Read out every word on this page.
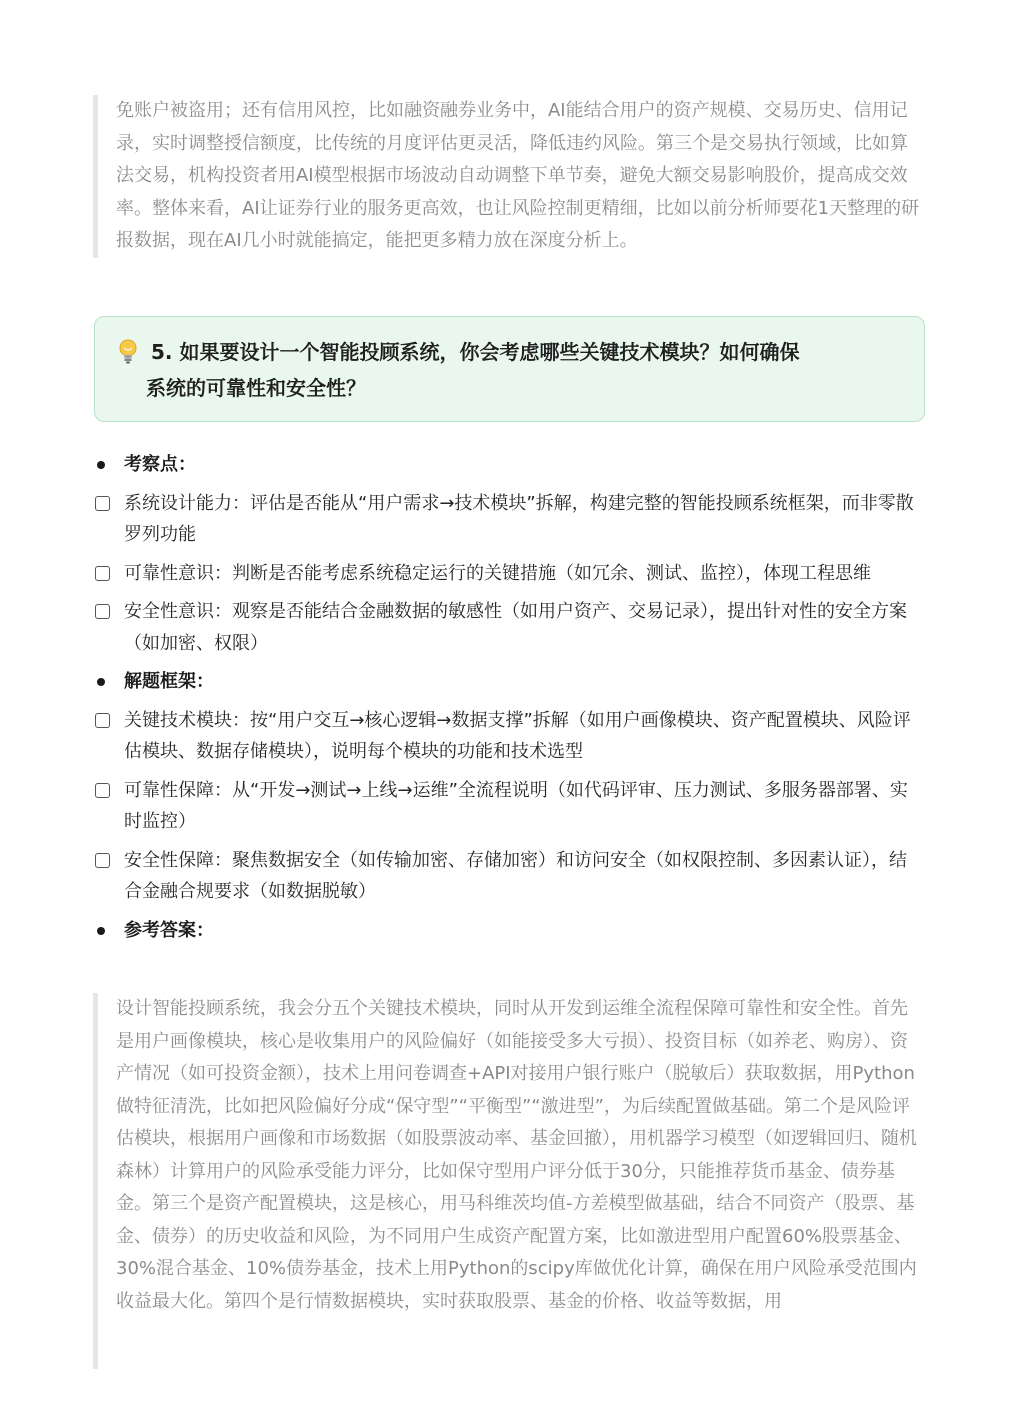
免账户被盗用；还有信用风控，比如融资融券业务中，AI能结合用户的资产规模、交易历史、信用记录，实时调整授信额度，比传统的月度评估更灵活，降低违约风险。第三个是交易执行领域，比如算法交易，机构投资者用AI模型根据市场波动自动调整下单节奏，避免大额交易影响股价，提高成交效率。整体来看，AI让证券行业的服务更高效，也让风险控制更精细，比如以前分析师要花1天整理的研报数据，现在AI几小时就能搞定，能把更多精力放在深度分析上。

5. 如果要设计一个智能投顾系统，你会考虑哪些关键技术模块？如何确保
系统的可靠性和安全性？
考察点：
系统设计能力：评估是否能从“用户需求→技术模块”拆解，构建完整的智能投顾系统框架，而非零散罗列功能
可靠性意识：判断是否能考虑系统稳定运行的关键措施（如冗余、测试、监控），体现工程思维
安全性意识：观察是否能结合金融数据的敏感性（如用户资产、交易记录），提出针对性的安全方案（如加密、权限）
解题框架：
关键技术模块：按“用户交互→核心逻辑→数据支撑”拆解（如用户画像模块、资产配置模块、风险评估模块、数据存储模块），说明每个模块的功能和技术选型
可靠性保障：从“开发→测试→上线→运维”全流程说明（如代码评审、压力测试、多服务器部署、实时监控）
安全性保障：聚焦数据安全（如传输加密、存储加密）和访问安全（如权限控制、多因素认证），结合金融合规要求（如数据脱敏）
参考答案：

设计智能投顾系统，我会分五个关键技术模块，同时从开发到运维全流程保障可靠性和安全性。首先是用户画像模块，核心是收集用户的风险偏好（如能接受多大亏损）、投资目标（如养老、购房）、资产情况（如可投资金额），技术上用问卷调查+API对接用户银行账户（脱敏后）获取数据，用Python做特征清洗，比如把风险偏好分成“保守型”“平衡型”“激进型”，为后续配置做基础。第二个是风险评估模块，根据用户画像和市场数据（如股票波动率、基金回撤），用机器学习模型（如逻辑回归、随机森林）计算用户的风险承受能力评分，比如保守型用户评分低于30分，只能推荐货币基金、债券基金。第三个是资产配置模块，这是核心，用马科维茨均值-方差模型做基础，结合不同资产（股票、基金、债券）的历史收益和风险，为不同用户生成资产配置方案，比如激进型用户配置60%股票基金、30%混合基金、10%债券基金，技术上用Python的scipy库做优化计算，确保在用户风险承受范围内收益最大化。第四个是行情数据模块，实时获取股票、基金的价格、收益等数据，用
